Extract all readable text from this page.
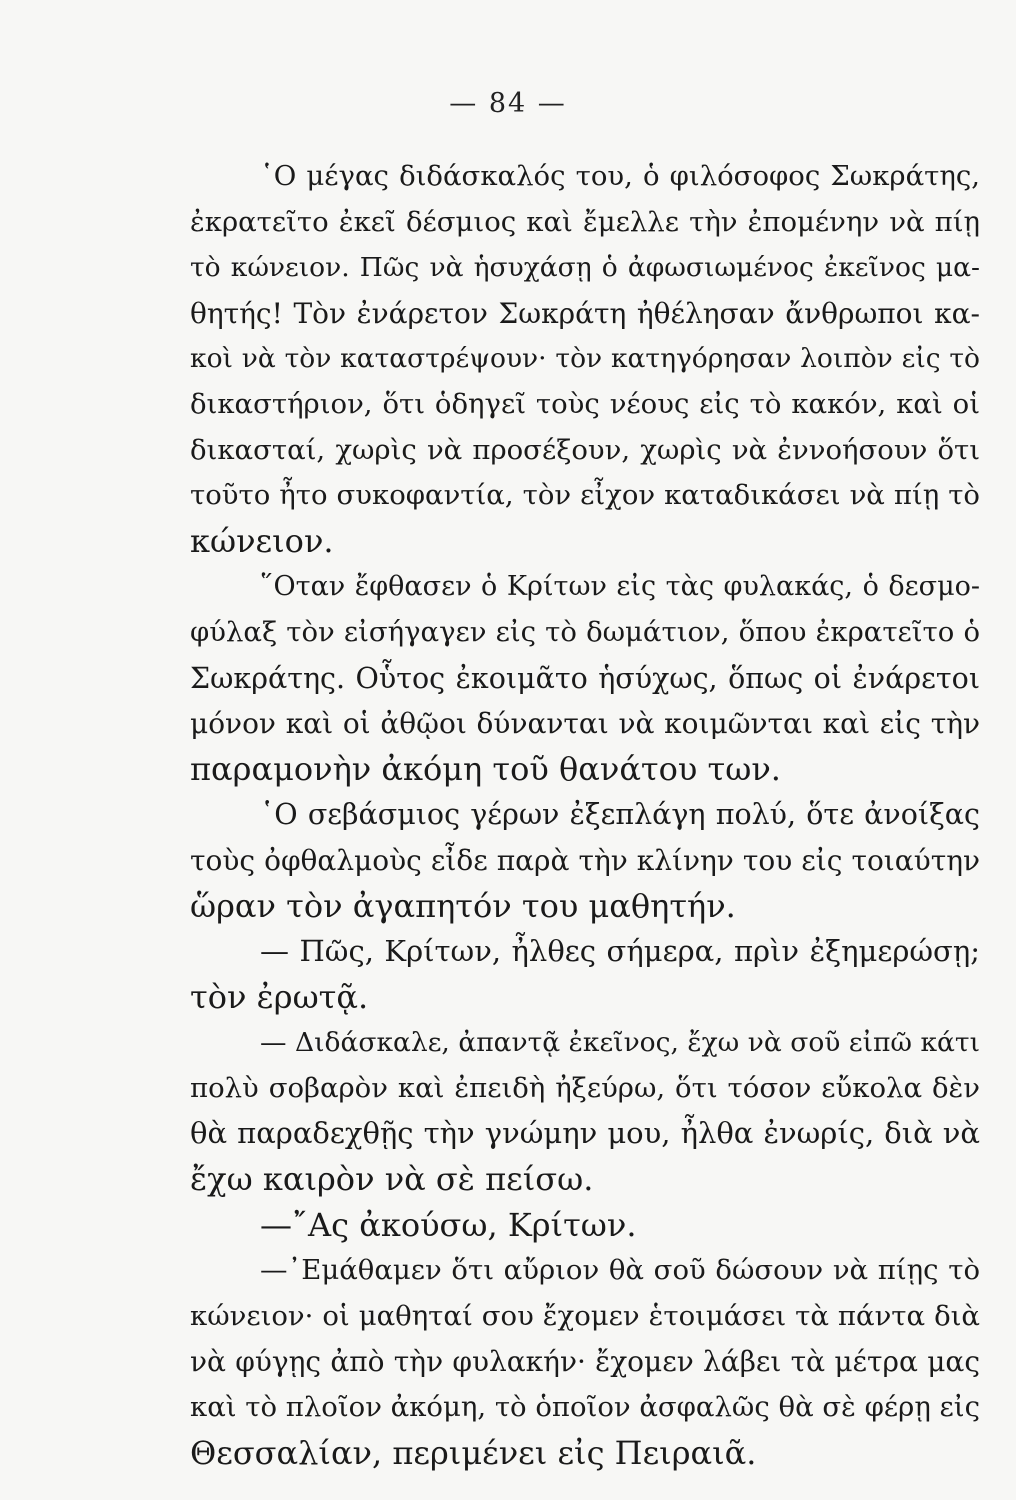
— 84 —
῾Ο μέγας διδάσκαλός του, ὁ φιλόσοφος Σωκράτης,
ἐκρατεῖτο ἐκεῖ δέσμιος καὶ ἔμελλε τὴν ἐπομένην νὰ πίῃ
τὸ κώνειον. Πῶς νὰ ἡσυχάσῃ ὁ ἀφωσιωμένος ἐκεῖνος μα-
θητής! Τὸν ἐνάρετον Σωκράτη ἠθέλησαν ἄνθρωποι κα-
κοὶ νὰ τὸν καταστρέψουν· τὸν κατηγόρησαν λοιπὸν εἰς τὸ
δικαστήριον, ὅτι ὁδηγεῖ τοὺς νέους εἰς τὸ κακόν, καὶ οἱ
δικασταί, χωρὶς νὰ προσέξουν, χωρὶς νὰ ἐννοήσουν ὅτι
τοῦτο ἦτο συκοφαντία, τὸν εἶχον καταδικάσει νὰ πίῃ τὸ
κώνειον.
῞Οταν ἔφθασεν ὁ Κρίτων εἰς τὰς φυλακάς, ὁ δεσμο-
φύλαξ τὸν εἰσήγαγεν εἰς τὸ δωμάτιον, ὅπου ἐκρατεῖτο ὁ
Σωκράτης. Οὗτος ἐκοιμᾶτο ἡσύχως, ὅπως οἱ ἐνάρετοι
μόνον καὶ οἱ ἀθῷοι δύνανται νὰ κοιμῶνται καὶ εἰς τὴν
παραμονὴν ἀκόμη τοῦ θανάτου των.
῾Ο σεβάσμιος γέρων ἐξεπλάγη πολύ, ὅτε ἀνοίξας
τοὺς ὀφθαλμοὺς εἶδε παρὰ τὴν κλίνην του εἰς τοιαύτην
ὥραν τὸν ἀγαπητόν του μαθητήν.
— Πῶς, Κρίτων, ἦλθες σήμερα, πρὶν ἐξημερώσῃ;
τὸν ἐρωτᾷ.
— Διδάσκαλε, ἀπαντᾷ ἐκεῖνος, ἔχω νὰ σοῦ εἰπῶ κάτι
πολὺ σοβαρὸν καὶ ἐπειδὴ ἠξεύρω, ὅτι τόσον εὔκολα δὲν
θὰ παραδεχθῇς τὴν γνώμην μου, ἦλθα ἐνωρίς, διὰ νὰ
ἔχω καιρὸν νὰ σὲ πείσω.
—῎Ας ἀκούσω, Κρίτων.
—᾿Εμάθαμεν ὅτι αὔριον θὰ σοῦ δώσουν νὰ πίῃς τὸ
κώνειον· οἱ μαθηταί σου ἔχομεν ἑτοιμάσει τὰ πάντα διὰ
νὰ φύγῃς ἀπὸ τὴν φυλακήν· ἔχομεν λάβει τὰ μέτρα μας
καὶ τὸ πλοῖον ἀκόμη, τὸ ὁποῖον ἀσφαλῶς θὰ σὲ φέρῃ εἰς
Θεσσαλίαν, περιμένει εἰς Πειραιᾶ.
